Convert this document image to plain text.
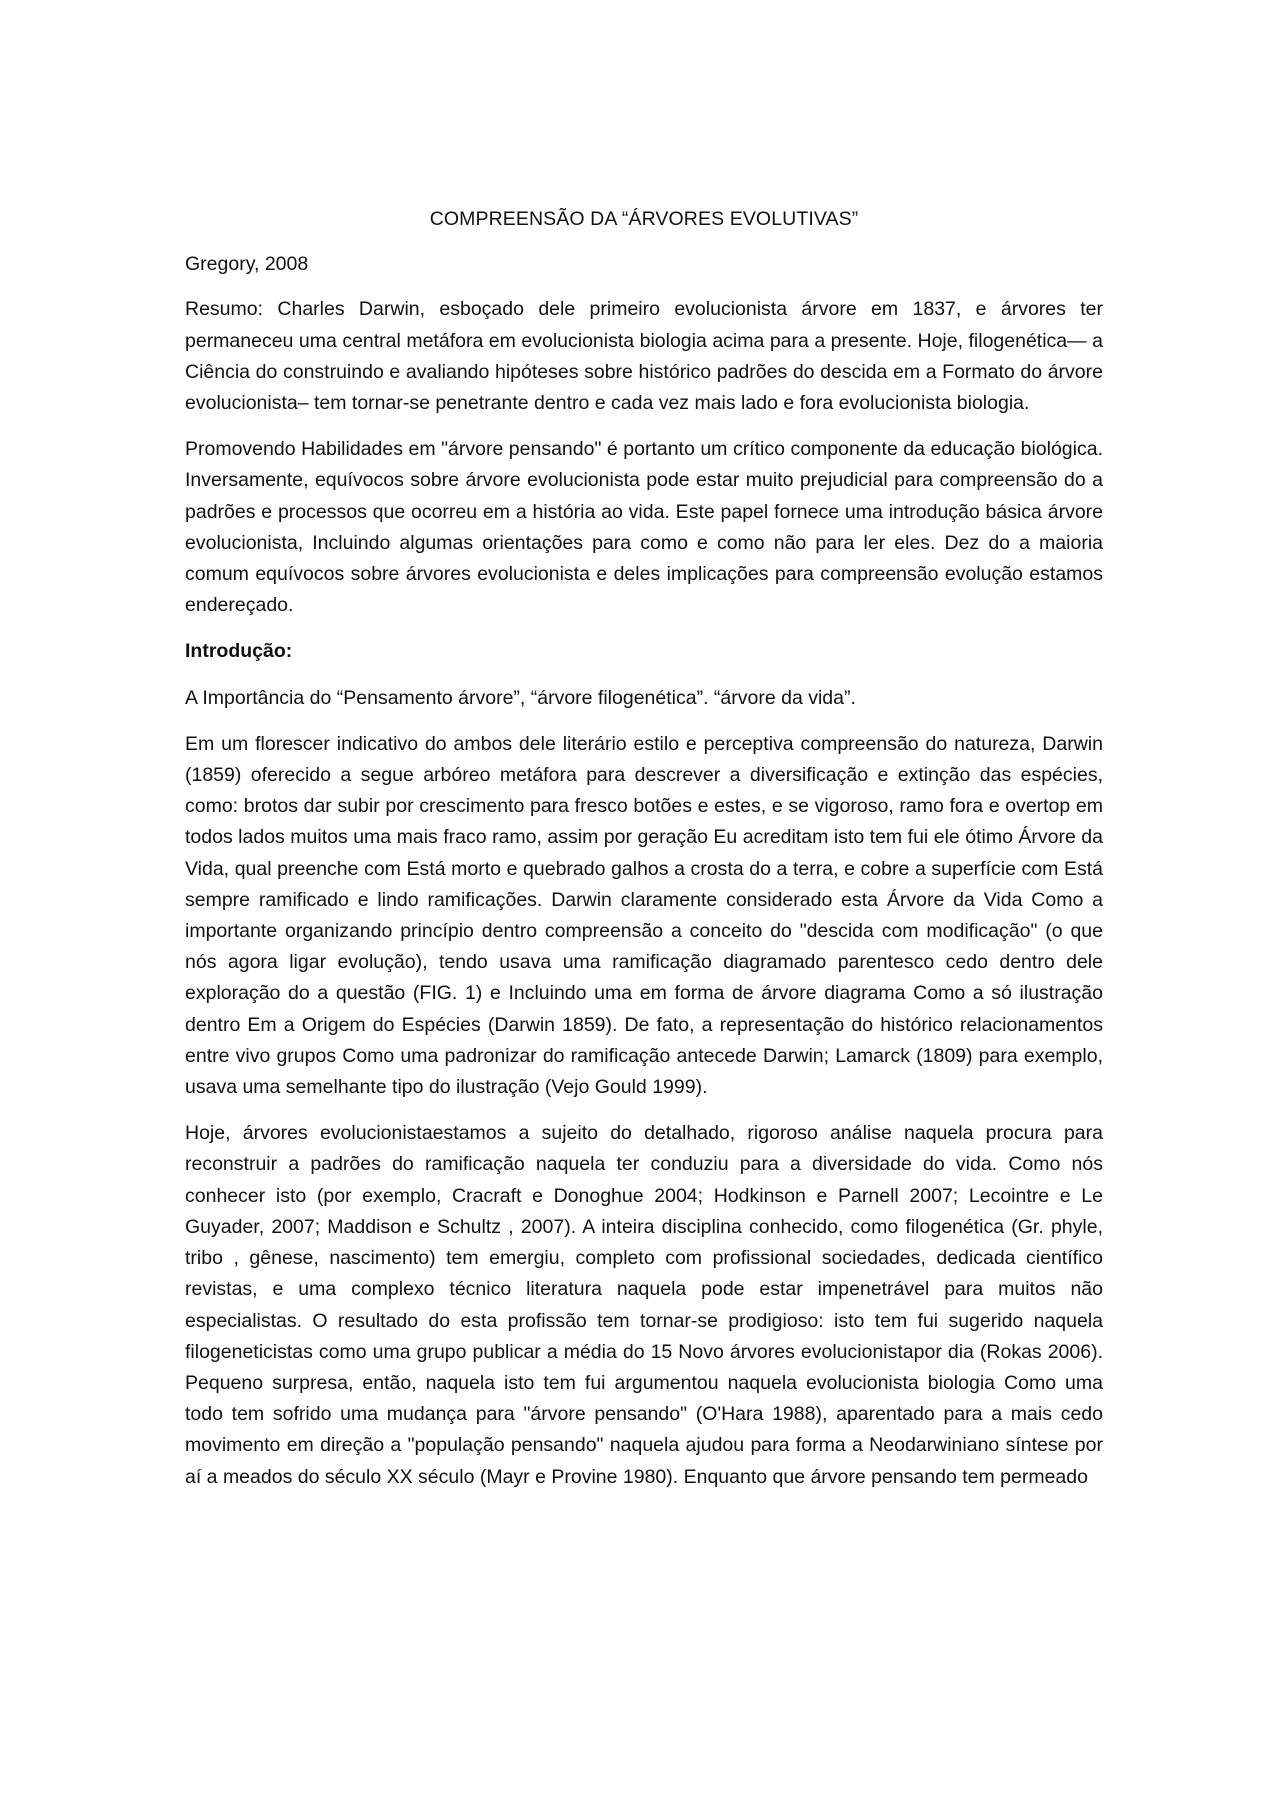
COMPREENSÃO DA “ÁRVORES EVOLUTIVAS”
Gregory, 2008
Resumo: Charles Darwin, esboçado dele primeiro evolucionista árvore em 1837, e árvores ter permaneceu uma central metáfora em evolucionista biologia acima para a presente. Hoje, filogenética— a Ciência do construindo e avaliando hipóteses sobre histórico padrões do descida em a Formato do árvore evolucionista– tem tornar-se penetrante dentro e cada vez mais lado e fora evolucionista biologia.
Promovendo Habilidades em "árvore pensando" é portanto um crítico componente da educação biológica. Inversamente, equívocos sobre árvore evolucionista pode estar muito prejudicial para compreensão do a padrões e processos que ocorreu em a história ao vida. Este papel fornece uma introdução básica árvore evolucionista, Incluindo algumas orientações para como e como não para ler eles. Dez do a maioria comum equívocos sobre árvores evolucionista e deles implicações para compreensão evolução estamos endereçado.
Introdução:
A Importância do “Pensamento árvore”, “árvore filogenética”. “árvore da vida”.
Em um florescer indicativo do ambos dele literário estilo e perceptiva compreensão do natureza, Darwin (1859) oferecido a segue arbóreo metáfora para descrever a diversificação e extinção das espécies, como: brotos dar subir por crescimento para fresco botões e estes, e se vigoroso, ramo fora e overtop em todos lados muitos uma mais fraco ramo, assim por geração Eu acreditam isto tem fui ele ótimo Árvore da Vida, qual preenche com Está morto e quebrado galhos a crosta do a terra, e cobre a superfície com Está sempre ramificado e lindo ramificações. Darwin claramente considerado esta Árvore da Vida Como a importante organizando princípio dentro compreensão a conceito do "descida com modificação" (o que nós agora ligar evolução), tendo usava uma ramificação diagramado parentesco cedo dentro dele exploração do a questão (FIG. 1) e Incluindo uma em forma de árvore diagrama Como a só ilustração dentro Em a Origem do Espécies (Darwin 1859). De fato, a representação do histórico relacionamentos entre vivo grupos Como uma padronizar do ramificação antecede Darwin; Lamarck (1809) para exemplo, usava uma semelhante tipo do ilustração (Vejo Gould 1999).
Hoje, árvores evolucionistaestamos a sujeito do detalhado, rigoroso análise naquela procura para reconstruir a padrões do ramificação naquela ter conduziu para a diversidade do vida. Como nós conhecer isto (por exemplo, Cracraft e Donoghue 2004; Hodkinson e Parnell 2007; Lecointre e Le Guyader, 2007; Maddison e Schultz , 2007). A inteira disciplina conhecido, como filogenética (Gr. phyle, tribo , gênese, nascimento) tem emergiu, completo com profissional sociedades, dedicada científico revistas, e uma complexo técnico literatura naquela pode estar impenetrável para muitos não especialistas. O resultado do esta profissão tem tornar-se prodigioso: isto tem fui sugerido naquela filogeneticistas como uma grupo publicar a média do 15 Novo árvores evolucionistapor dia (Rokas 2006). Pequeno surpresa, então, naquela isto tem fui argumentou naquela evolucionista biologia Como uma todo tem sofrido uma mudança para "árvore pensando" (O'Hara 1988), aparentado para a mais cedo movimento em direção a "população pensando" naquela ajudou para forma a Neodarwiniano síntese por aí a meados do século XX século (Mayr e Provine 1980). Enquanto que árvore pensando tem permeado
